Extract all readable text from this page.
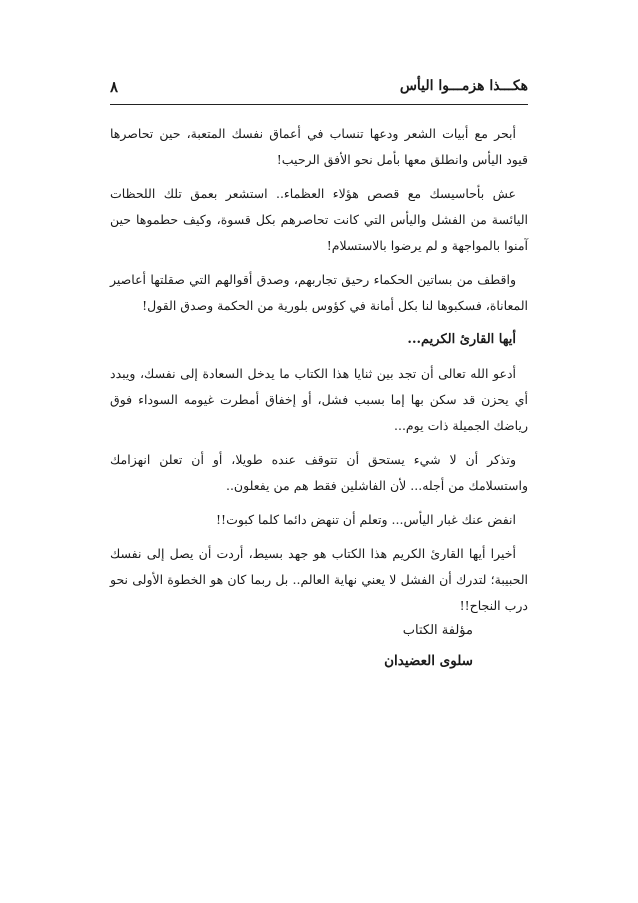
هكـــذا هزمـــوا اليأس
٨

أبحر مع أبيات الشعر ودعها تنساب في أعماق نفسك المتعبة، حين تحاصرها قيود اليأس وانطلق معها بأمل نحو الأفق الرحيب!

عش بأحاسيسك مع قصص هؤلاء العظماء.. استشعر بعمق تلك اللحظات اليائسة من الفشل واليأس التي كانت تحاصرهم بكل قسوة، وكيف حطموها حين آمنوا بالمواجهة و لم يرضوا بالاستسلام!

واقطف من بساتين الحكماء رحيق تجاربهم، وصدق أقوالهم التي صقلتها أعاصير المعاناة، فسكبوها لنا بكل أمانة في كؤوس بلورية من الحكمة وصدق القول!

أيها القارئ الكريم...

أدعو الله تعالى أن تجد بين ثنايا هذا الكتاب ما يدخل السعادة إلى نفسك، ويبدد أي يحزن قد سكن بها إما بسبب فشل، أو إخفاق أمطرت غيومه السوداء فوق رياضك الجميلة ذات يوم...

وتذكر أن لا شيء يستحق أن تتوقف عنده طويلا، أو أن تعلن انهزامك واستسلامك من أجله... لأن الفاشلين فقط هم من يفعلون..

انفض عنك غبار اليأس... وتعلم أن تنهض دائما كلما كبوت!!

أخيرا أيها القارئ الكريم هذا الكتاب هو جهد بسيط، أردت أن يصل إلى نفسك الحبيبة؛ لتدرك أن الفشل لا يعني نهاية العالم.. بل ربما كان هو الخطوة الأولى نحو درب النجاح!!

مؤلفة الكتاب
سلوى العضيدان
